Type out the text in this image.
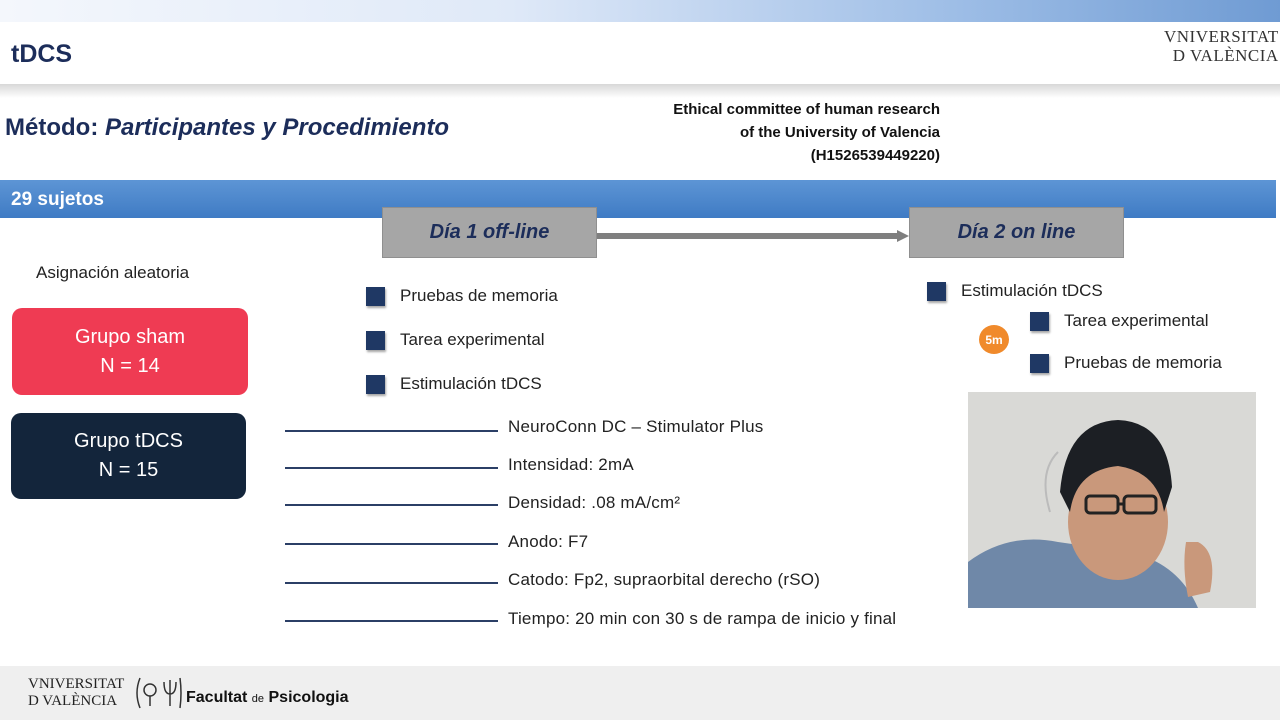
tDCS
VNIVERSITAT
D VALÈNCIA
Método: Participantes y Procedimiento
Ethical committee of human research
of the University of Valencia
(H1526539449220)
29 sujetos
Día 1 off-line	Día 2 on line
Asignación aleatoria
Grupo sham
N = 14
Grupo tDCS
N = 15
Pruebas de memoria
Tarea experimental
Estimulación tDCS
Estimulación tDCS
5m
Tarea experimental
Pruebas de memoria
NeuroConn DC – Stimulator Plus
Intensidad: 2mA
Densidad: .08 mA/cm²
Anodo: F7
Catodo: Fp2, supraorbital derecho (rSO)
Tiempo: 20 min con 30 s de rampa de inicio y final
VNIVERSITAT
D VALÈNCIA	Facultat de Psicologia
